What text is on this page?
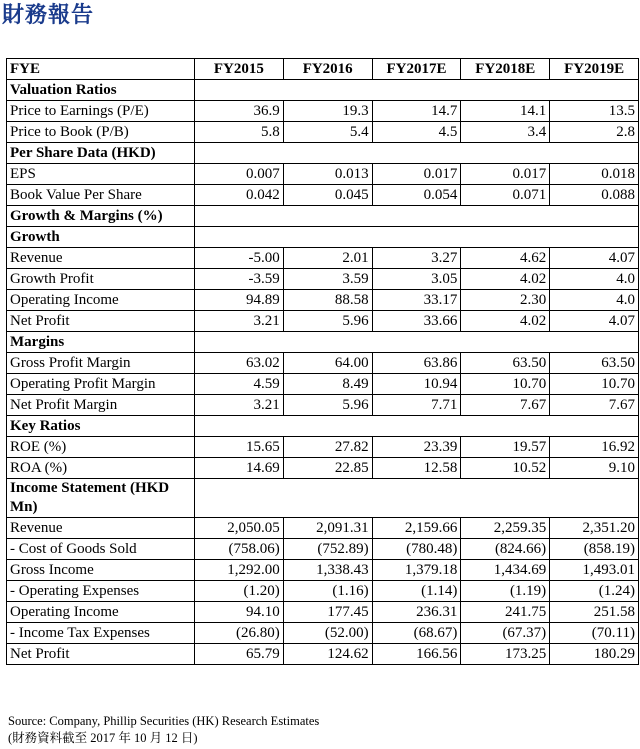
財務報告
FYE	FY2015	FY2016	FY2017E	FY2018E	FY2019E
Valuation Ratios					
Price to Earnings (P/E)	36.9	19.3	14.7	14.1	13.5
Price to Book (P/B)	5.8	5.4	4.5	3.4	2.8
Per Share Data (HKD)					
EPS	0.007	0.013	0.017	0.017	0.018
Book Value Per Share	0.042	0.045	0.054	0.071	0.088
Growth & Margins (%)					
Growth					
Revenue	-5.00	2.01	3.27	4.62	4.07
Growth Profit	-3.59	3.59	3.05	4.02	4.0
Operating Income	94.89	88.58	33.17	2.30	4.0
Net Profit	3.21	5.96	33.66	4.02	4.07
Margins					
Gross Profit Margin	63.02	64.00	63.86	63.50	63.50
Operating Profit Margin	4.59	8.49	10.94	10.70	10.70
Net Profit Margin	3.21	5.96	7.71	7.67	7.67
Key Ratios					
ROE (%)	15.65	27.82	23.39	19.57	16.92
ROA (%)	14.69	22.85	12.58	10.52	9.10
Income Statement (HKD Mn)					
Revenue	2,050.05	2,091.31	2,159.66	2,259.35	2,351.20
- Cost of Goods Sold	(758.06)	(752.89)	(780.48)	(824.66)	(858.19)
Gross Income	1,292.00	1,338.43	1,379.18	1,434.69	1,493.01
- Operating Expenses	(1.20)	(1.16)	(1.14)	(1.19)	(1.24)
Operating Income	94.10	177.45	236.31	241.75	251.58
- Income Tax Expenses	(26.80)	(52.00)	(68.67)	(67.37)	(70.11)
Net Profit	65.79	124.62	166.56	173.25	180.29
Source: Company, Phillip Securities (HK) Research Estimates
(財務資料截至 2017 年 10 月 12 日)
